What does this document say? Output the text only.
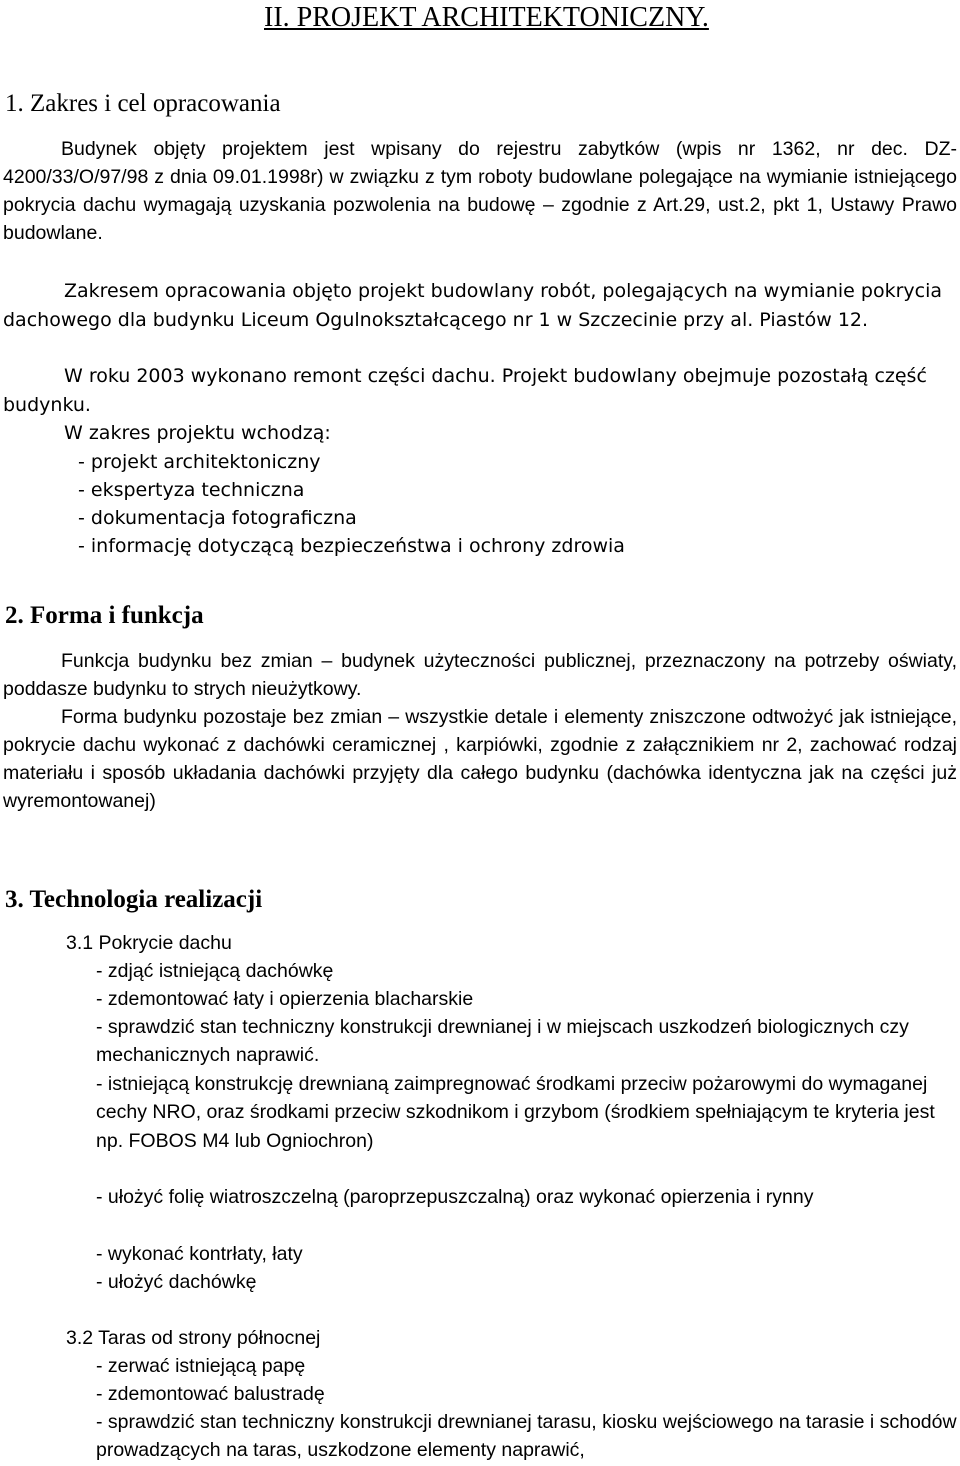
II. PROJEKT ARCHITEKTONICZNY.
1. Zakres i cel opracowania

Budynek objęty projektem jest wpisany do rejestru zabytków (wpis nr 1362, nr dec. DZ-4200/33/O/97/98 z dnia 09.01.1998r) w związku z tym roboty budowlane polegające na wymianie istniejącego pokrycia dachu wymagają uzyskania pozwolenia na budowę – zgodnie z Art.29, ust.2, pkt 1, Ustawy Prawo budowlane.

Zakresem opracowania objęto projekt budowlany robót, polegających na wymianie pokrycia dachowego dla budynku Liceum Ogulnokształcącego nr 1 w Szczecinie przy al. Piastów 12.

W roku 2003 wykonano remont części dachu. Projekt budowlany obejmuje pozostałą część budynku.

W zakres projektu wchodzą:

- projekt architektoniczny

- ekspertyza techniczna

- dokumentacja fotograficzna

- informację dotyczącą bezpieczeństwa i ochrony zdrowia

2. Forma i funkcja

Funkcja budynku bez zmian – budynek użyteczności publicznej, przeznaczony na potrzeby oświaty, poddasze budynku to strych nieużytkowy.

Forma budynku pozostaje bez zmian – wszystkie detale i elementy zniszczone odtwożyć jak istniejące, pokrycie dachu wykonać z dachówki ceramicznej , karpiówki, zgodnie z załącznikiem nr 2, zachować rodzaj materiału i sposób układania dachówki przyjęty dla całego budynku (dachówka identyczna jak na części już wyremontowanej)

3. Technologia realizacji

3.1 Pokrycie dachu

- zdjąć istniejącą dachówkę

- zdemontować łaty i opierzenia blacharskie

- sprawdzić stan techniczny konstrukcji drewnianej i w miejscach uszkodzeń biologicznych czy mechanicznych naprawić.

- istniejącą konstrukcję drewnianą zaimpregnować środkami przeciw pożarowymi do wymaganej cechy NRO, oraz środkami przeciw szkodnikom i grzybom (środkiem spełniającym te kryteria jest np. FOBOS M4 lub Ogniochron)

- ułożyć folię wiatroszczelną (paroprzepuszczalną) oraz wykonać opierzenia i rynny

- wykonać kontrłaty, łaty

- ułożyć dachówkę

3.2 Taras od strony północnej

- zerwać istniejącą papę

- zdemontować balustradę

- sprawdzić stan techniczny konstrukcji drewnianej tarasu, kiosku wejściowego na tarasie i schodów prowadzących na taras, uszkodzone elementy naprawić,
